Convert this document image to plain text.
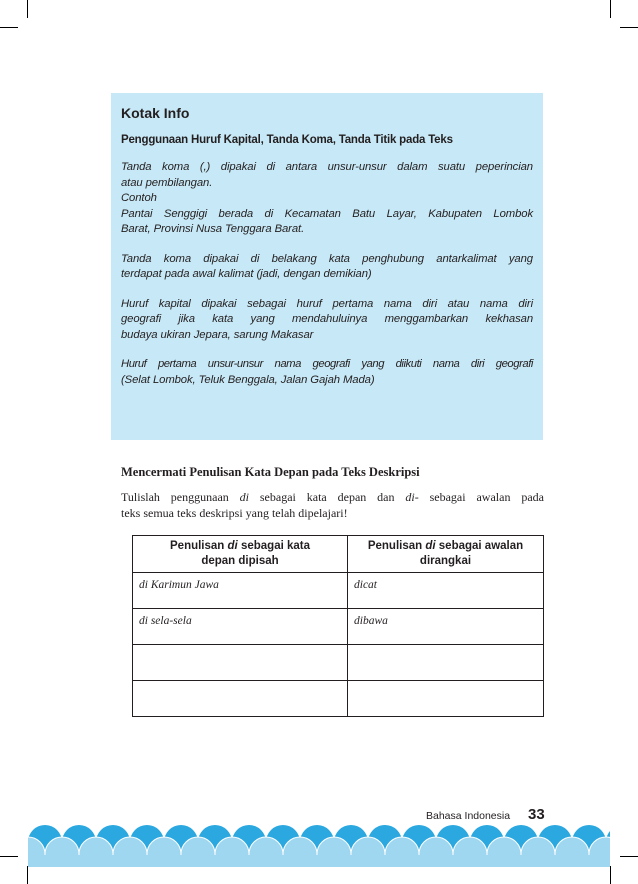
Kotak Info
Penggunaan Huruf Kapital, Tanda Koma, Tanda Titik pada Teks
Tanda koma (,) dipakai di antara unsur-unsur dalam suatu peperincian
atau pembilangan.
Contoh
Pantai Senggigi berada di Kecamatan Batu Layar, Kabupaten Lombok
Barat, Provinsi Nusa Tenggara Barat.
Tanda koma dipakai di belakang kata penghubung antarkalimat yang
terdapat pada awal kalimat (jadi, dengan demikian)
Huruf kapital dipakai sebagai huruf pertama nama diri atau nama diri
geografi jika kata yang mendahuluinya menggambarkan kekhasan
budaya ukiran Jepara, sarung Makasar
Huruf pertama unsur-unsur nama geografi yang diikuti nama diri geografi
(Selat Lombok, Teluk Benggala, Jalan Gajah Mada)
Mencermati Penulisan Kata Depan pada Teks Deskripsi
Tulislah penggunaan di sebagai kata depan dan di- sebagai awalan pada
teks semua teks deskripsi yang telah dipelajari!
Penulisan di sebagai kata
depan dipisah	Penulisan di sebagai awalan
dirangkai
di Karimun Jawa	dicat
di sela-sela	dibawa

Bahasa Indonesia 33
